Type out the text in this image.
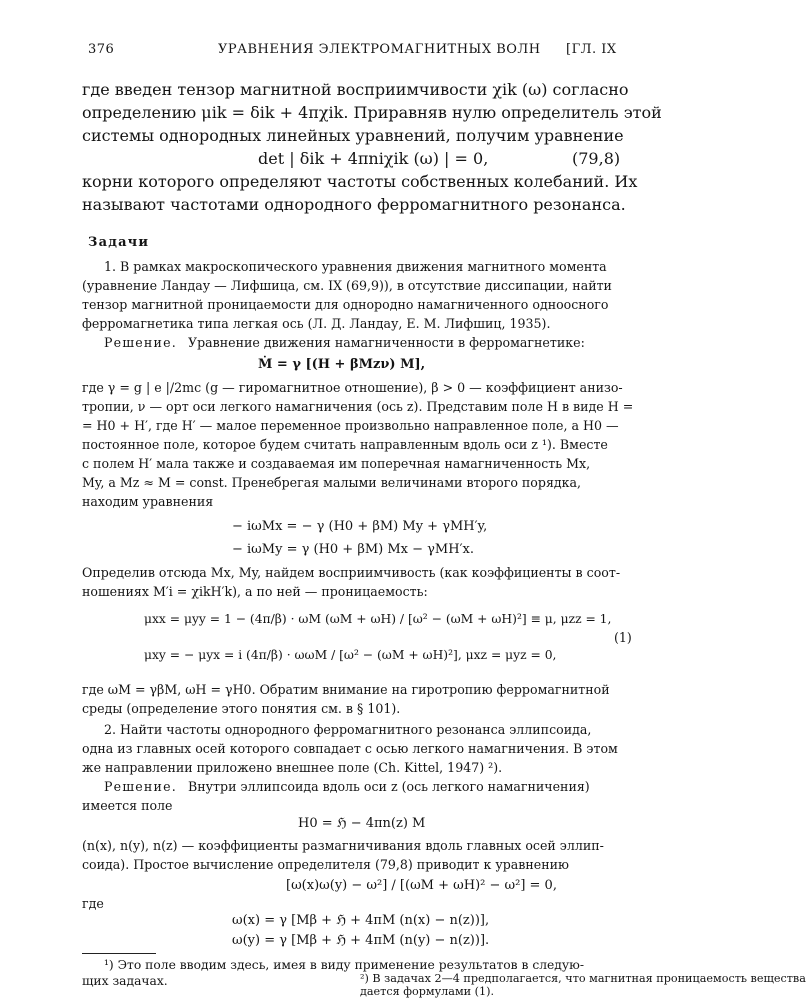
376	УРАВНЕНИЯ ЭЛЕКТРОМАГНИТНЫХ ВОЛН [ГЛ. IX
где введен тензор магнитной восприимчивости χik (ω) согласно
определению μik = δik + 4πχik. Приравняв нулю определитель этой
системы однородных линейных уравнений, получим уравнение
det | δik + 4πniχik (ω) | = 0,	(79,8)
корни которого определяют частоты собственных колебаний. Их
называют частотами однородного ферромагнитного резонанса.
Задачи
1. В рамках макроскопического уравнения движения магнитного момента
(уравнение Ландау — Лифшица, см. IX (69,9)), в отсутствие диссипации, найти
тензор магнитной проницаемости для однородно намагниченного одноосного
ферромагнетика типа легкая ось (Л. Д. Ландау, Е. М. Лифшиц, 1935).
Решение. Уравнение движения намагниченности в ферромагнетике:
Ṁ = γ [(H + βMzν) M],
где γ = g | e |/2mc (g — гиромагнитное отношение), β > 0 — коэффициент анизо-
тропии, ν — орт оси легкого намагничения (ось z). Представим поле H в виде H =
= H0 + H′, где H′ — малое переменное произвольно направленное поле, а H0 —
постоянное поле, которое будем считать направленным вдоль оси z ¹). Вместе
с полем H′ мала также и создаваемая им поперечная намагниченность Mx,
My, а Mz ≈ M = const. Пренебрегая малыми величинами второго порядка,
находим уравнения
− iωMx = − γ (H0 + βM) My + γMH′y,
− iωMy = γ (H0 + βM) Mx − γMH′x.
Определив отсюда Mx, My, найдем восприимчивость (как коэффициенты в соот-
ношениях M′i = χikH′k), а по ней — проницаемость:
μxx = μyy = 1 − (4π/β) · ωM (ωM + ωH) / [ω² − (ωM + ωH)²] ≡ μ, μzz = 1,
μxy = − μyx = i (4π/β) · ωωM / [ω² − (ωM + ωH)²], μxz = μyz = 0,
(1)
где ωM = γβM, ωH = γH0. Обратим внимание на гиротропию ферромагнитной
среды (определение этого понятия см. в § 101).
2. Найти частоты однородного ферромагнитного резонанса эллипсоида,
одна из главных осей которого совпадает с осью легкого намагничения. В этом
же направлении приложено внешнее поле (Ch. Kittel, 1947) ²).
Решение. Внутри эллипсоида вдоль оси z (ось легкого намагничения)
имеется поле
H0 = ℌ − 4πn(z) M
(n(x), n(y), n(z) — коэффициенты размагничивания вдоль главных осей эллип-
соида). Простое вычисление определителя (79,8) приводит к уравнению
[ω(x)ω(y) − ω²] / [(ωM + ωH)² − ω²] = 0,
где
ω(x) = γ [Mβ + ℌ + 4πM (n(x) − n(z))],
ω(y) = γ [Mβ + ℌ + 4πM (n(y) − n(z))].
¹) Это поле вводим здесь, имея в виду применение результатов в следую-
щих задачах.	²) В задачах 2—4 предполагается, что магнитная проницаемость вещества
дается формулами (1).
